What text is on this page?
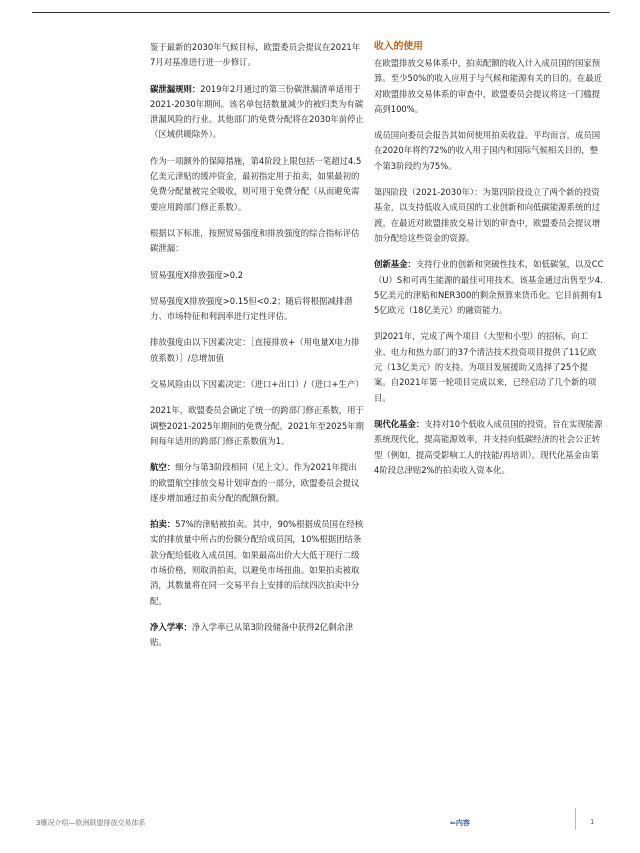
鉴于最新的2030年气候目标，欧盟委员会提议在2021年7月对基准进行进一步修订。

碳泄漏规则：2019年2月通过的第三份碳泄漏清单适用于2021-2030年期间。该名单包括数量减少的被归类为有碳泄漏风险的行业。其他部门的免费分配将在2030年前停止（区域供暖除外）。

作为一项额外的保障措施，第4阶段上限包括一笔超过4.5亿美元津贴的缓冲资金，最初指定用于拍卖，如果最初的免费分配量被完全吸收，则可用于免费分配（从而避免需要应用跨部门修正系数）。

根据以下标准，按照贸易强度和排放强度的综合指标评估碳泄漏：

贸易强度X排放强度>0.2

贸易强度X排放强度>0.15但<0.2；随后将根据减排潜力、市场特征和利润率进行定性评估。

排放强度由以下因素决定：［直接排放+（用电量X电力排放系数）］/总增加值

交易风险由以下因素决定：（进口+出口）/（进口+生产）

2021年，欧盟委员会确定了统一的跨部门修正系数，用于调整2021-2025年期间的免费分配。2021年至2025年期间每年适用的跨部门修正系数值为1。

航空：细分与第3阶段相同（见上文）。作为2021年提出的欧盟航空排放交易计划审查的一部分，欧盟委员会提议逐步增加通过拍卖分配的配额份额。

拍卖：57%的津贴被拍卖。其中，90%根据成员国在经核实的排放量中所占的份额分配给成员国，10%根据团结条款分配给低收入成员国。如果最高出价大大低于现行二级市场价格，则取消拍卖，以避免市场扭曲。如果拍卖被取消，其数量将在同一交易平台上安排的后续四次拍卖中分配。

净入学率：净入学率已从第3阶段储备中获得2亿剩余津贴。

收入的使用

在欧盟排放交易体系中，拍卖配额的收入计入成员国的国家预算。至少50%的收入应用于与气候和能源有关的目的。在最近对欧盟排放交易体系的审查中，欧盟委员会提议将这一门槛提高到100%。

成员国向委员会报告其如何使用拍卖收益。平均而言，成员国在2020年将约72%的收入用于国内和国际气候相关目的，整个第3阶段约为75%。

第四阶段（2021-2030年）：为第四阶段设立了两个新的投资基金，以支持低收入成员国的工业创新和向低碳能源系统的过渡。在最近对欧盟排放交易计划的审查中，欧盟委员会提议增加分配给这些资金的资源。

创新基金：支持行业的创新和突破性技术，如低碳氢，以及CC（U）S和可再生能源的最佳可用技术。该基金通过出售至少4.5亿美元的津贴和NER300的剩余预算来货币化。它目前拥有15亿欧元（18亿美元）的融资能力。

到2021年，完成了两个项目（大型和小型）的招标，向工业、电力和热力部门的37个清洁技术投资项目提供了11亿欧元（13亿美元）的支持。为项目发展援助又选择了25个提案。自2021年第一轮项目完成以来，已经启动了几个新的项目。

现代化基金：支持对10个低收入成员国的投资，旨在实现能源系统现代化，提高能源效率，并支持向低碳经济的社会公正转型（例如，提高受影响工人的技能/再培训）。现代化基金由第4阶段总津贴2%的拍卖收入资本化。

3概况介绍—欧洲联盟排放交易体系	⇐内容	1
